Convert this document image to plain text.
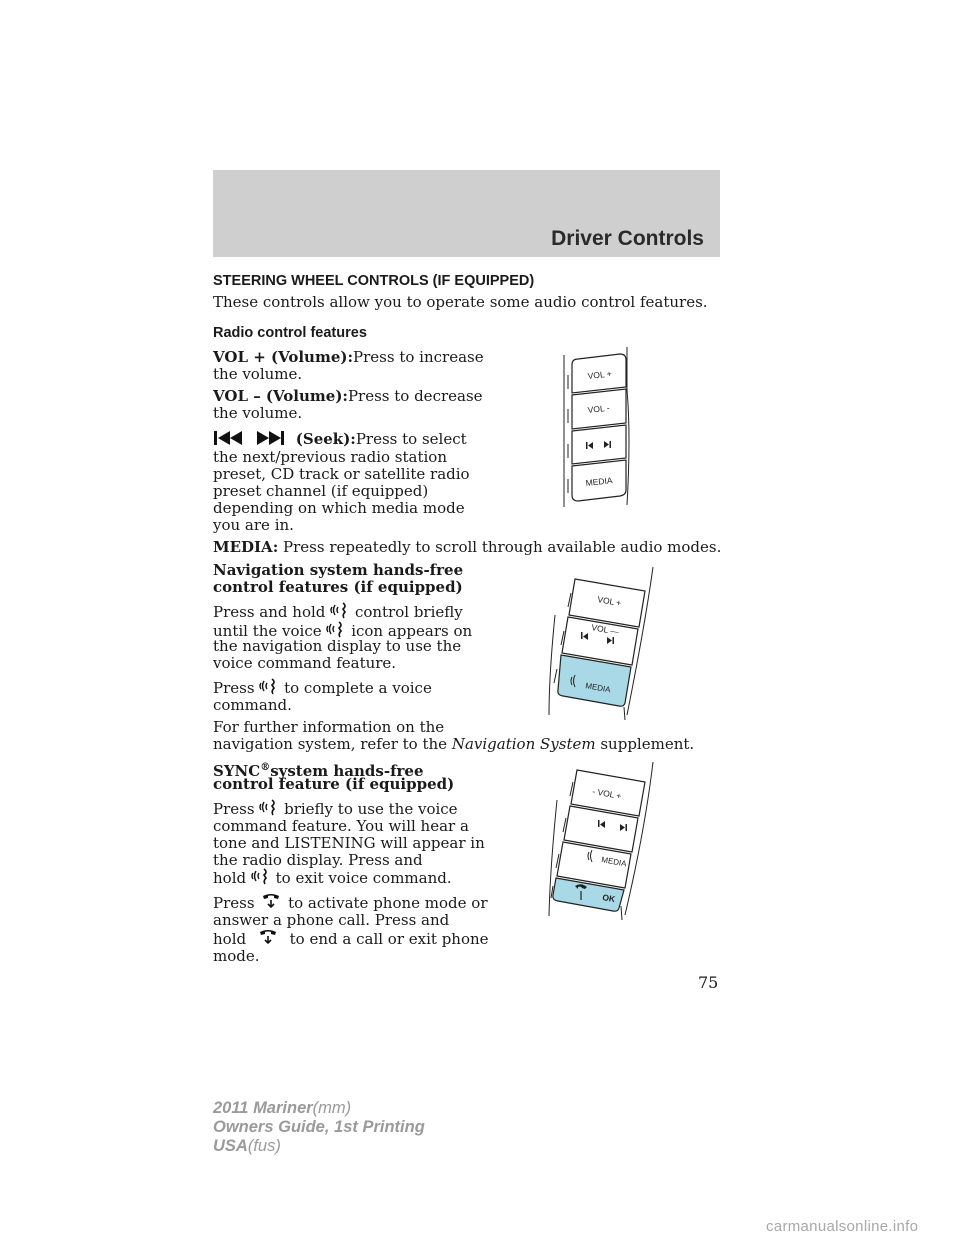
Driver Controls
STEERING WHEEL CONTROLS (IF EQUIPPED)
These controls allow you to operate some audio control features.
Radio control features
VOL + (Volume):Press to increase
the volume.
VOL – (Volume):Press to decrease
the volume.
(Seek):Press to select
the next/previous radio station
preset, CD track or satellite radio
preset channel (if equipped)
depending on which media mode
you are in.
MEDIA: Press repeatedly to scroll through available audio modes.
Navigation system hands-free
control features (if equipped)
Press and hold control briefly
until the voice icon appears on
the navigation display to use the
voice command feature.
Press to complete a voice
command.
For further information on the
navigation system, refer to the Navigation System supplement.
SYNC®system hands-free
control feature (if equipped)
Press briefly to use the voice
command feature. You will hear a
tone and LISTENING will appear in
the radio display. Press and
hold to exit voice command.
Press to activate phone mode or
answer a phone call. Press and
hold	to end a call or exit phone
mode.
VOL +
VOL -
MEDIA
VOL +
VOL —
MEDIA
- VOL +
MEDIA
OK
75
2011 Mariner(mm)
Owners Guide, 1st Printing
USA(fus)
carmanualsonline.info
